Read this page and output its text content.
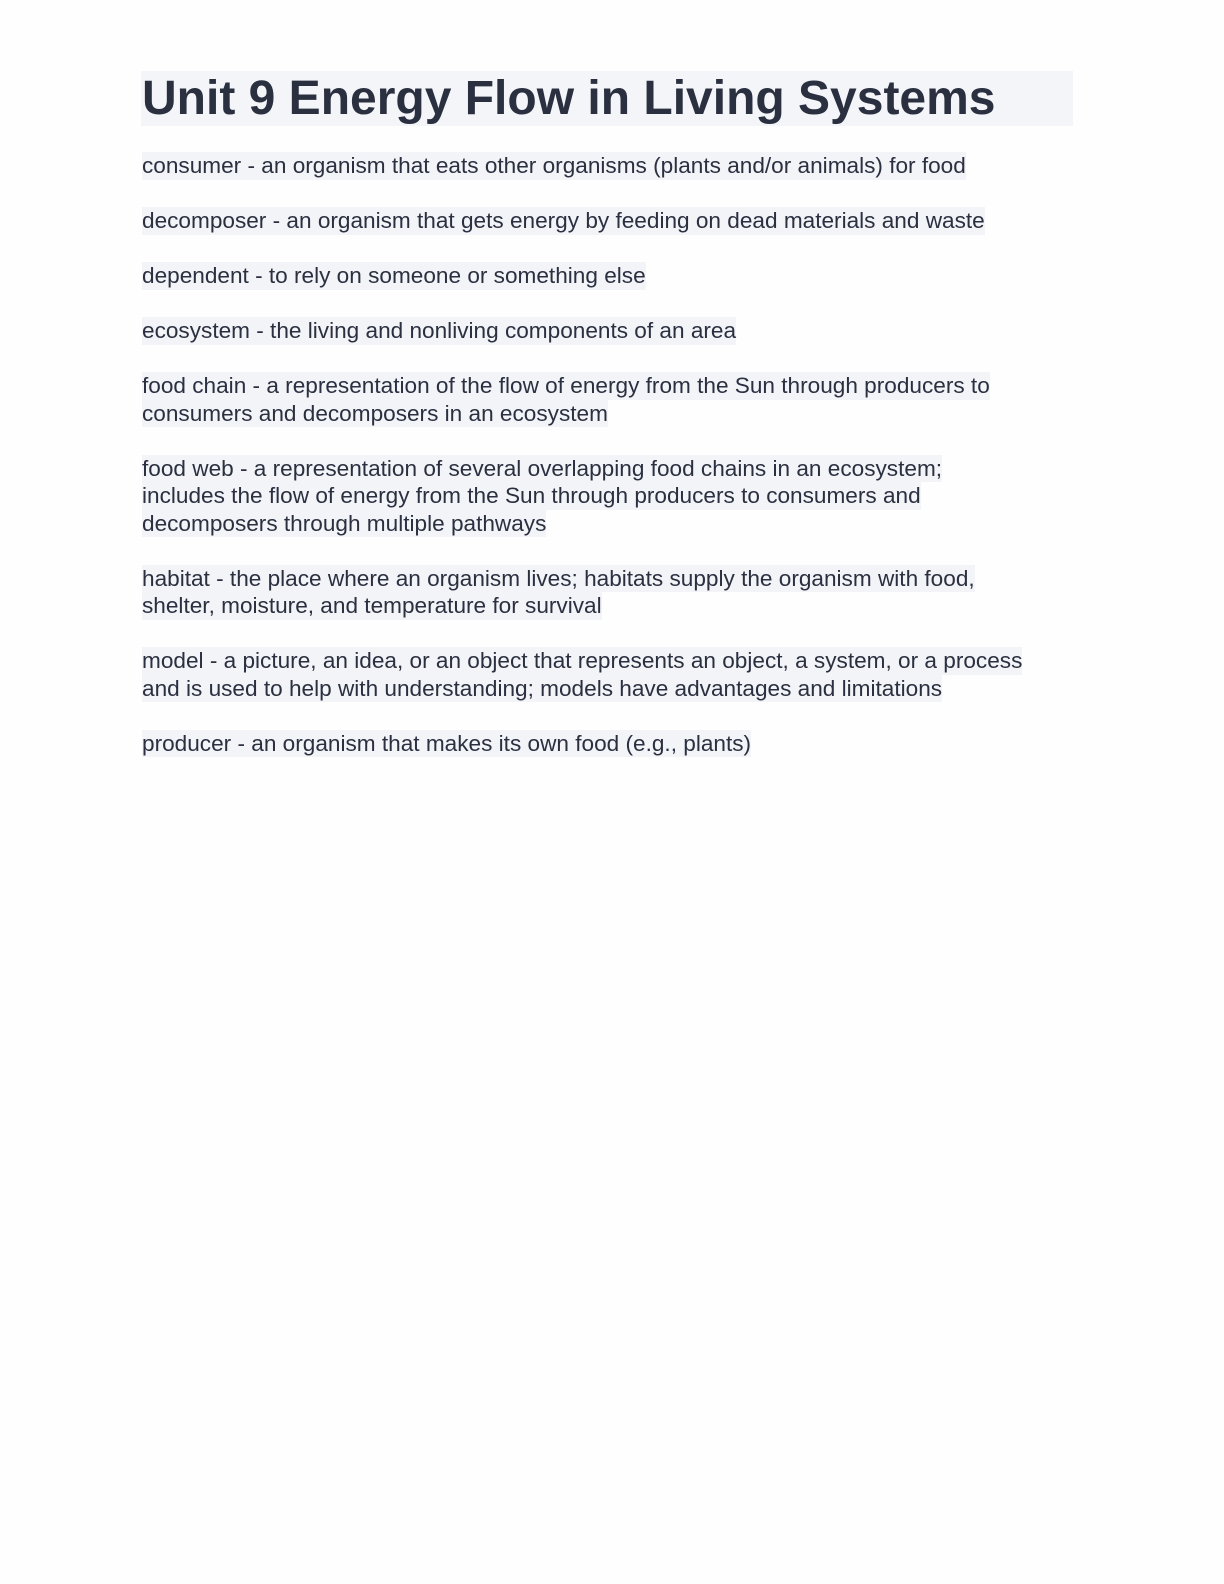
Unit 9 Energy Flow in Living Systems
consumer - an organism that eats other organisms (plants and/or animals) for food
decomposer - an organism that gets energy by feeding on dead materials and waste
dependent - to rely on someone or something else
ecosystem - the living and nonliving components of an area
food chain - a representation of the flow of energy from the Sun through producers to
consumers and decomposers in an ecosystem
food web - a representation of several overlapping food chains in an ecosystem;
includes the flow of energy from the Sun through producers to consumers and
decomposers through multiple pathways
habitat - the place where an organism lives; habitats supply the organism with food,
shelter, moisture, and temperature for survival
model - a picture, an idea, or an object that represents an object, a system, or a process
and is used to help with understanding; models have advantages and limitations
producer - an organism that makes its own food (e.g., plants)
